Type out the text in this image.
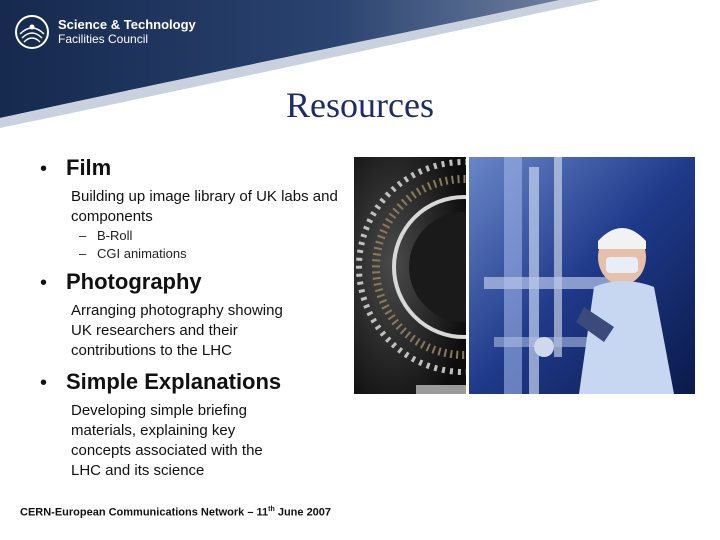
Science & Technology
Facilities Council
Resources
• Film
Building up image library of UK labs and components
– B-Roll
– CGI animations
• Photography
Arranging photography showing
UK researchers and their
contributions to the LHC
• Simple Explanations
Developing simple briefing
materials, explaining key
concepts associated with the
LHC and its science
CERN-European Communications Network – 11th June 2007
